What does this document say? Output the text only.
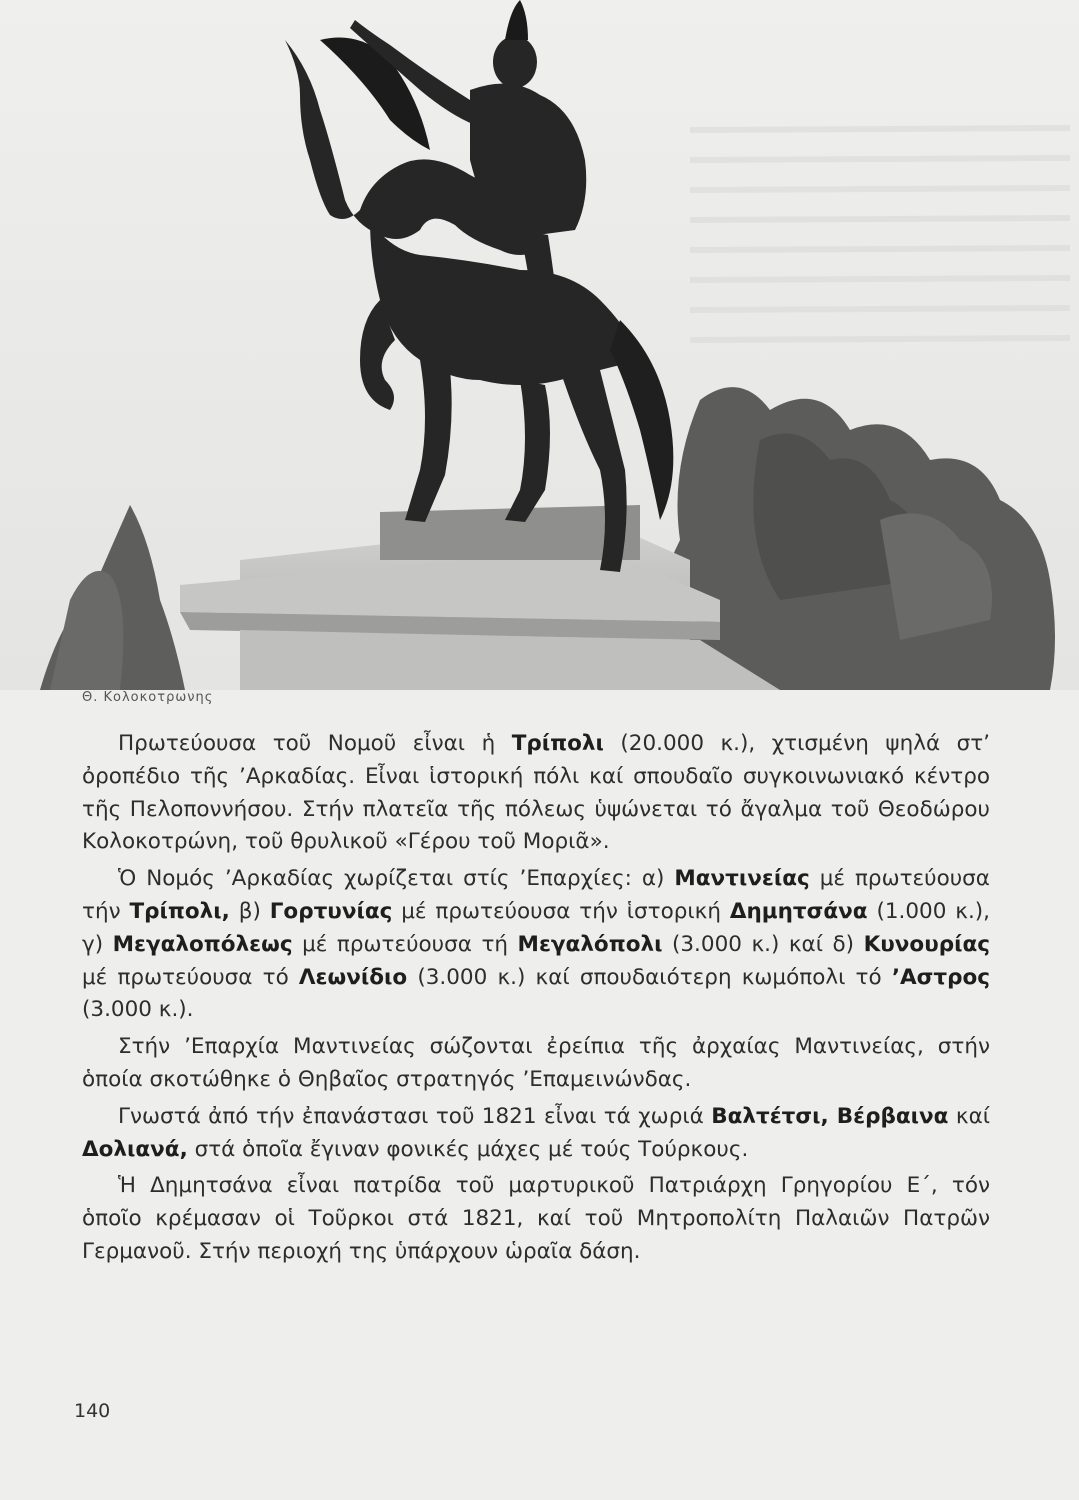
Θ. Κολοκοτρωνης

Πρωτεύουσα τοῦ Νομοῦ εἶναι ἡ Τρίπολι (20.000 κ.), χτισμένη ψηλά στ’ ὀροπέδιο τῆς ’Αρκαδίας. Εἶναι ἱστορική πόλι καί σπουδαῖο συγκοινωνιακό κέντρο τῆς Πελοποννήσου. Στήν πλατεῖα τῆς πόλεως ὑψώνεται τό ἄγαλμα τοῦ Θεοδώρου Κολοκοτρώνη, τοῦ θρυλικοῦ «Γέρου τοῦ Μοριᾶ».

Ὁ Νομός ’Αρκαδίας χωρίζεται στίς ’Επαρχίες: α) Μαντινείας μέ πρωτεύουσα τήν Τρίπολι, β) Γορτυνίας μέ πρωτεύουσα τήν ἱστορική Δημητσάνα (1.000 κ.), γ) Μεγαλοπόλεως μέ πρωτεύουσα τή Μεγαλόπολι (3.000 κ.) καί δ) Κυνουρίας μέ πρωτεύουσα τό Λεωνίδιο (3.000 κ.) καί σπουδαιότερη κωμόπολι τό ’Αστρος (3.000 κ.).

Στήν ’Επαρχία Μαντινείας σώζονται ἐρείπια τῆς ἀρχαίας Μαντινείας, στήν ὁποία σκοτώθηκε ὁ Θηβαῖος στρατηγός ’Επαμεινώνδας.

Γνωστά ἀπό τήν ἐπανάστασι τοῦ 1821 εἶναι τά χωριά Βαλτέτσι, Βέρβαινα καί Δολιανά, στά ὁποῖα ἔγιναν φονικές μάχες μέ τούς Τούρκους.

Ἡ Δημητσάνα εἶναι πατρίδα τοῦ μαρτυρικοῦ Πατριάρχη Γρηγορίου Ε΄, τόν ὁποῖο κρέμασαν οἱ Τοῦρκοι στά 1821, καί τοῦ Μητροπολίτη Παλαιῶν Πατρῶν Γερμανοῦ. Στήν περιοχή της ὑπάρχουν ὡραῖα δάση.

140
